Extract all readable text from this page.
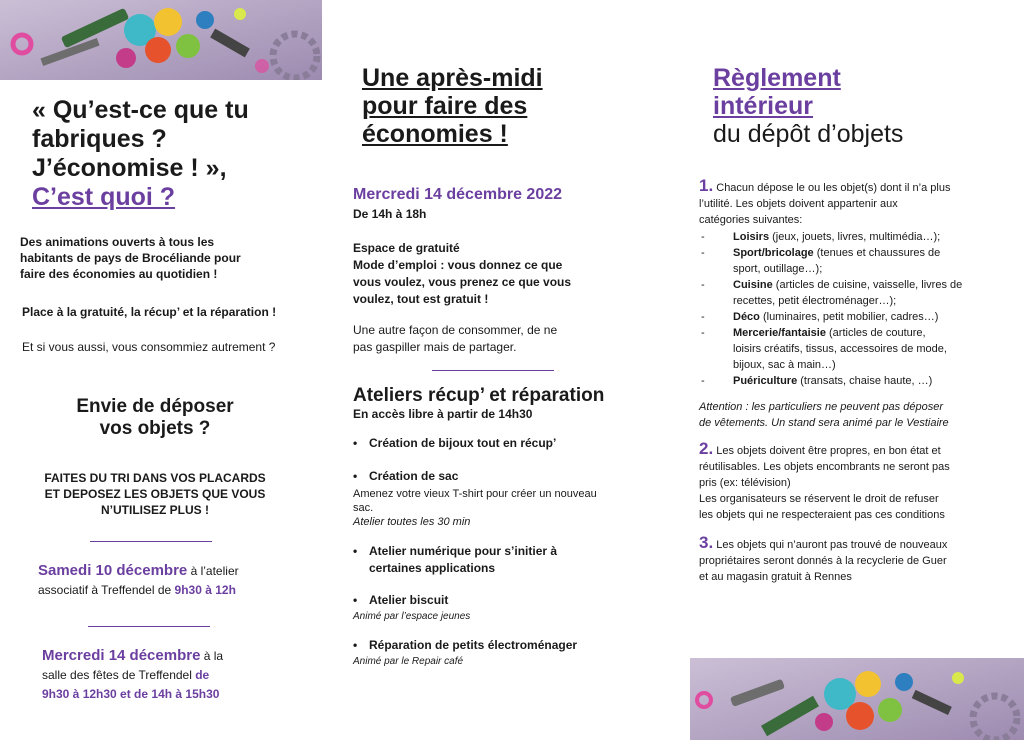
« Qu’est-ce que tu
fabriques ?
J’économise ! »,
C’est quoi ?
Des animations ouverts à tous les
habitants de pays de Brocéliande pour
faire des économies au quotidien !
Place à la gratuité, la récup’ et la réparation !
Et si vous aussi, vous consommiez autrement ?
Envie de déposer
vos objets ?
FAITES DU TRI DANS VOS PLACARDS
ET DEPOSEZ LES OBJETS QUE VOUS
N’UTILISEZ PLUS !
Samedi 10 décembre à l’atelier
associatif à Treffendel de 9h30 à 12h
Mercredi 14 décembre à la
salle des fêtes de Treffendel de
9h30 à 12h30 et de 14h à 15h30
Une après-midi
pour faire des
économies !
Mercredi 14 décembre 2022
De 14h à 18h
Espace de gratuité
Mode d’emploi : vous donnez ce que
vous voulez, vous prenez ce que vous
voulez, tout est gratuit !
Une autre façon de consommer, de ne
pas gaspiller mais de partager.
Ateliers récup’ et réparation
En accès libre à partir de 14h30
• Création de bijoux tout en récup’
• Création de sac
Amenez votre vieux T-shirt pour créer un nouveau
sac.
Atelier toutes les 30 min
• Atelier numérique pour s’initier à
certaines applications
• Atelier biscuit
Animé par l’espace jeunes
• Réparation de petits électroménager
Animé par le Repair café
Règlement
intérieur
du dépôt d’objets
1. Chacun dépose le ou les objet(s) dont il n’a plus
l’utilité. Les objets doivent appartenir aux
catégories suivantes:
-	Loisirs (jeux, jouets, livres, multimédia…);
-	Sport/bricolage (tenues et chaussures de
sport, outillage…);
-	Cuisine (articles de cuisine, vaisselle, livres de
recettes, petit électroménager…);
-	Déco (luminaires, petit mobilier, cadres…)
-	Mercerie/fantaisie (articles de couture,
loisirs créatifs, tissus, accessoires de mode,
bijoux, sac à main…)
-	Puériculture (transats, chaise haute, …)
Attention : les particuliers ne peuvent pas déposer
de vêtements. Un stand sera animé par le Vestiaire
2. Les objets doivent être propres, en bon état et
réutilisables. Les objets encombrants ne seront pas
pris (ex: télévision)
Les organisateurs se réservent le droit de refuser
les objets qui ne respecteraient pas ces conditions
3. Les objets qui n’auront pas trouvé de nouveaux
propriétaires seront donnés à la recyclerie de Guer
et au magasin gratuit à Rennes
